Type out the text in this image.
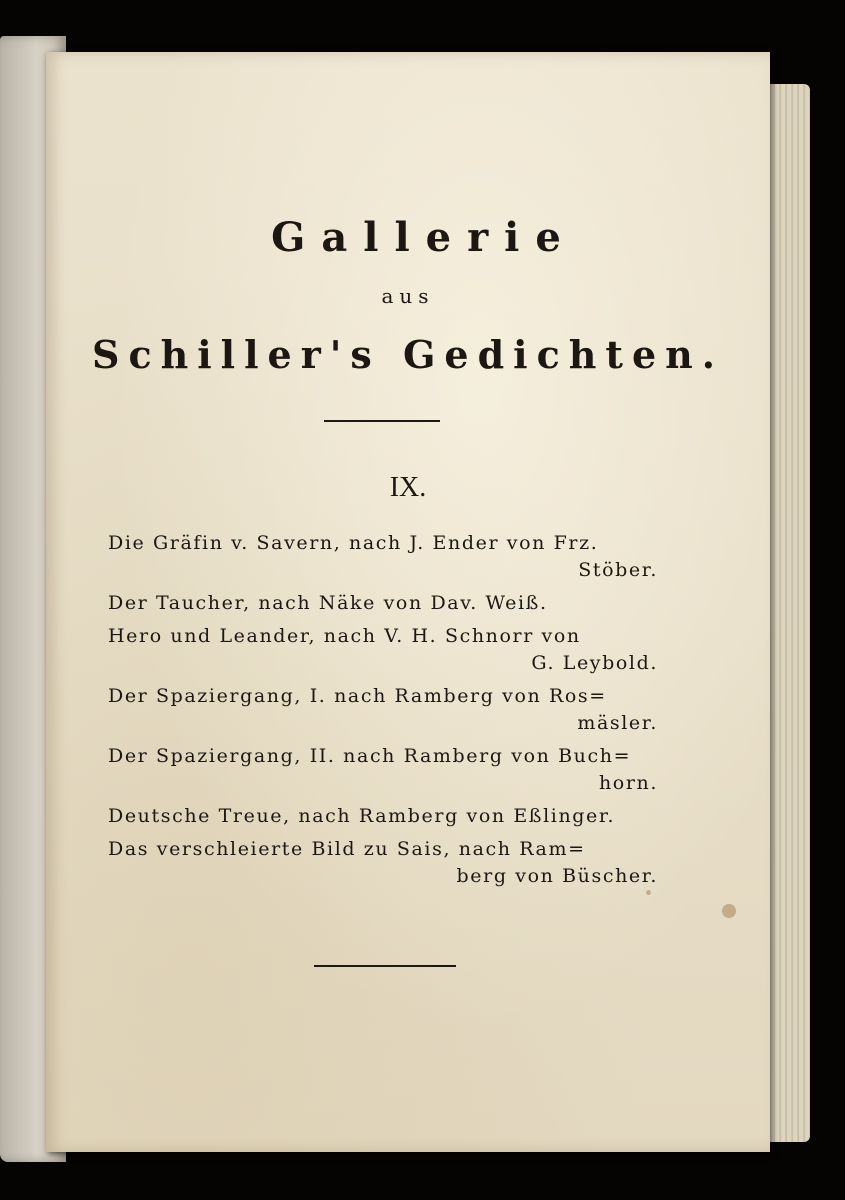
Gallerie
aus
Schiller's Gedichten.
IX.
Die Gräfin v. Savern, nach J. Ender von Frz.
Stöber.
Der Taucher, nach Näke von Dav. Weiß.
Hero und Leander, nach V. H. Schnorr von
G. Leybold.
Der Spaziergang, I. nach Ramberg von Ros=
mäsler.
Der Spaziergang, II. nach Ramberg von Buch=
horn.
Deutsche Treue, nach Ramberg von Eßlinger.
Das verschleierte Bild zu Sais, nach Ram=
berg von Büscher.
